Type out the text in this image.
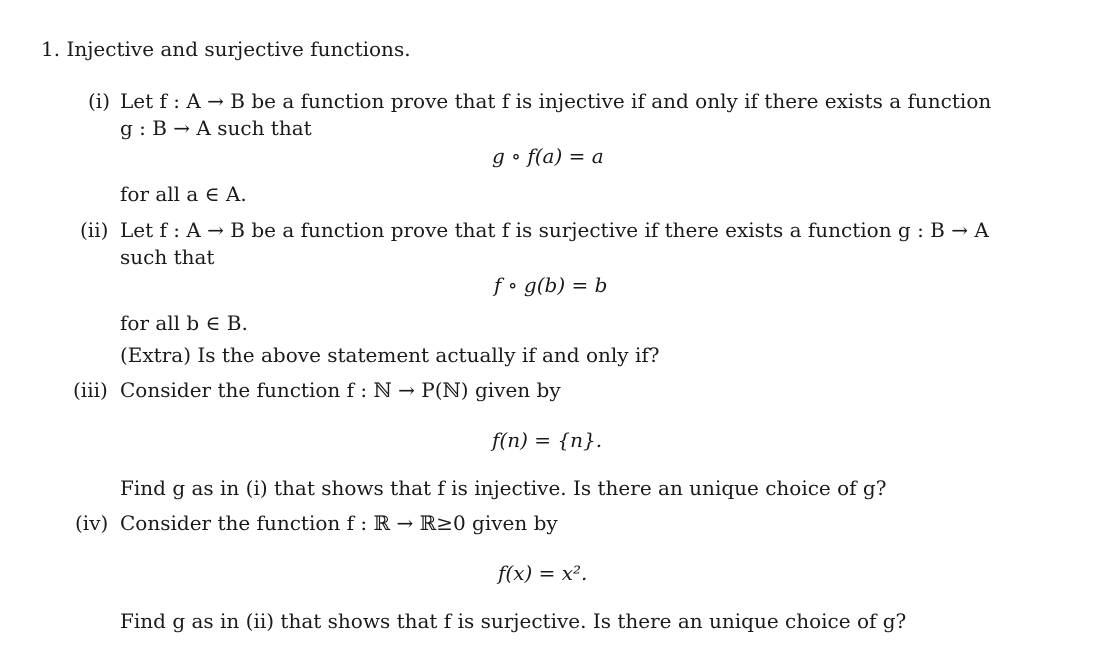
1. Injective and surjective functions.
(i) Let f : A → B be a function prove that f is injective if and only if there exists a function
g : B → A such that
g ∘ f(a) = a
for all a ∈ A.
(ii) Let f : A → B be a function prove that f is surjective if there exists a function g : B → A
such that
f ∘ g(b) = b
for all b ∈ B.
(Extra) Is the above statement actually if and only if?
(iii) Consider the function f : ℕ → P(ℕ) given by
f(n) = {n}.
Find g as in (i) that shows that f is injective. Is there an unique choice of g?
(iv) Consider the function f : ℝ → ℝ≥0 given by
f(x) = x².
Find g as in (ii) that shows that f is surjective. Is there an unique choice of g?
